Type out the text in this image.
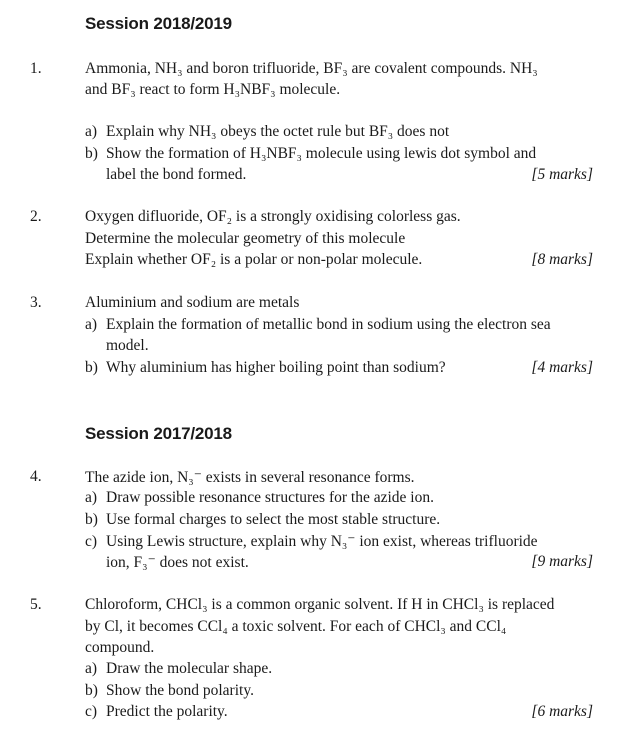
Session 2018/2019
1.	Ammonia, NH₃ and boron trifluoride, BF₃ are covalent compounds. NH₃
and BF₃ react to form H₃NBF₃ molecule.
a) Explain why NH₃ obeys the octet rule but BF₃ does not
b) Show the formation of H₃NBF₃ molecule using lewis dot symbol and
label the bond formed.	[5 marks]
2.	Oxygen difluoride, OF₂ is a strongly oxidising colorless gas.
Determine the molecular geometry of this molecule
Explain whether OF₂ is a polar or non-polar molecule.	[8 marks]
3.	Aluminium and sodium are metals
a) Explain the formation of metallic bond in sodium using the electron sea
model.
b) Why aluminium has higher boiling point than sodium?	[4 marks]
Session 2017/2018
4.	The azide ion, N₃⁻ exists in several resonance forms.
a) Draw possible resonance structures for the azide ion.
b) Use formal charges to select the most stable structure.
c) Using Lewis structure, explain why N₃⁻ ion exist, whereas trifluoride
ion, F₃⁻ does not exist.	[9 marks]
5.	Chloroform, CHCl₃ is a common organic solvent. If H in CHCl₃ is replaced
by Cl, it becomes CCl₄ a toxic solvent. For each of CHCl₃ and CCl₄
compound.
a) Draw the molecular shape.
b) Show the bond polarity.
c) Predict the polarity.	[6 marks]
